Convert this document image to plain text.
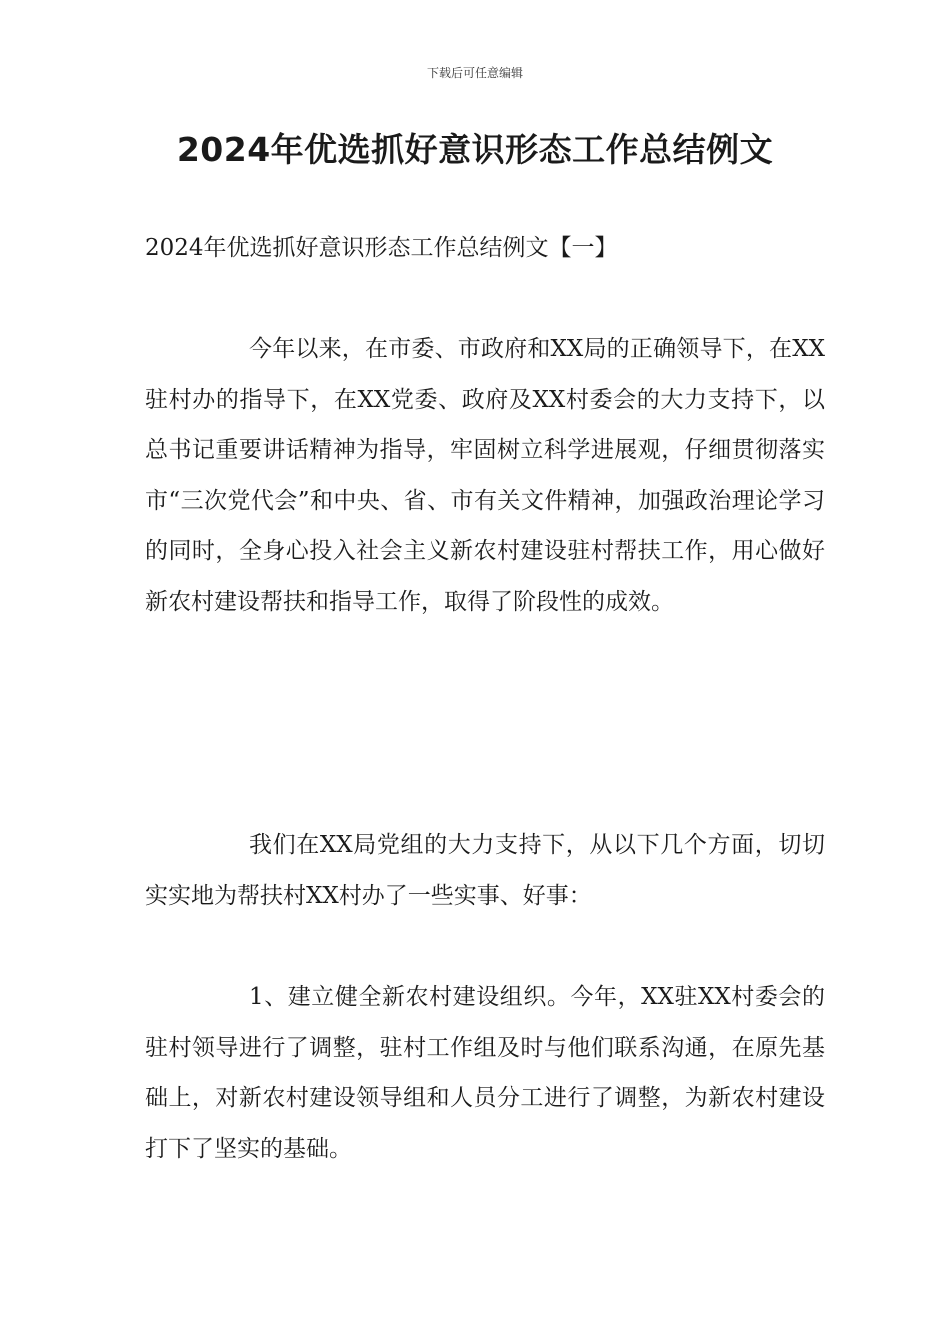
下载后可任意编辑
2024年优选抓好意识形态工作总结例文

2024年优选抓好意识形态工作总结例文【一】

今年以来，在市委、市政府和XX局的正确领导下，在XX驻村办的指导下，在XX党委、政府及XX村委会的大力支持下，以总书记重要讲话精神为指导，牢固树立科学进展观，仔细贯彻落实市“三次党代会”和中央、省、市有关文件精神，加强政治理论学习的同时，全身心投入社会主义新农村建设驻村帮扶工作，用心做好新农村建设帮扶和指导工作，取得了阶段性的成效。

我们在XX局党组的大力支持下，从以下几个方面，切切实实地为帮扶村XX村办了一些实事、好事：

1、建立健全新农村建设组织。今年，XX驻XX村委会的驻村领导进行了调整，驻村工作组及时与他们联系沟通，在原先基础上，对新农村建设领导组和人员分工进行了调整，为新农村建设打下了坚实的基础。
